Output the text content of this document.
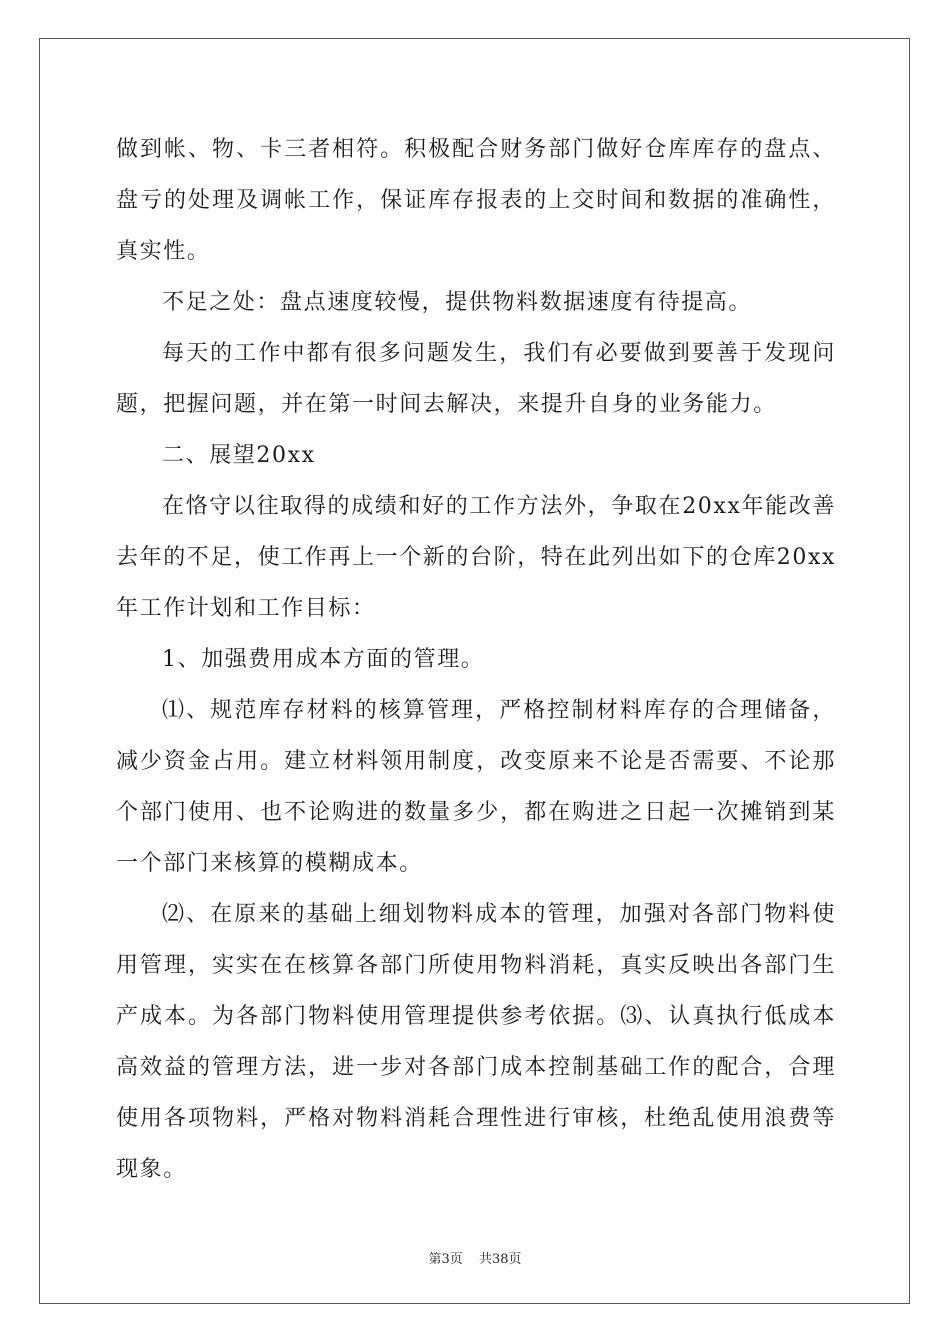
做到帐、物、卡三者相符。积极配合财务部门做好仓库库存的盘点、盘亏的处理及调帐工作，保证库存报表的上交时间和数据的准确性，真实性。

不足之处：盘点速度较慢，提供物料数据速度有待提高。

每天的工作中都有很多问题发生，我们有必要做到要善于发现问题，把握问题，并在第一时间去解决，来提升自身的业务能力。

二、展望20xx

在恪守以往取得的成绩和好的工作方法外，争取在20xx年能改善去年的不足，使工作再上一个新的台阶，特在此列出如下的仓库20xx年工作计划和工作目标：

1、加强费用成本方面的管理。

⑴、规范库存材料的核算管理，严格控制材料库存的合理储备，减少资金占用。建立材料领用制度，改变原来不论是否需要、不论那个部门使用、也不论购进的数量多少，都在购进之日起一次摊销到某一个部门来核算的模糊成本。

⑵、在原来的基础上细划物料成本的管理，加强对各部门物料使用管理，实实在在核算各部门所使用物料消耗，真实反映出各部门生产成本。为各部门物料使用管理提供参考依据。⑶、认真执行低成本高效益的管理方法，进一步对各部门成本控制基础工作的配合，合理使用各项物料，严格对物料消耗合理性进行审核，杜绝乱使用浪费等现象。

第3页 共38页
